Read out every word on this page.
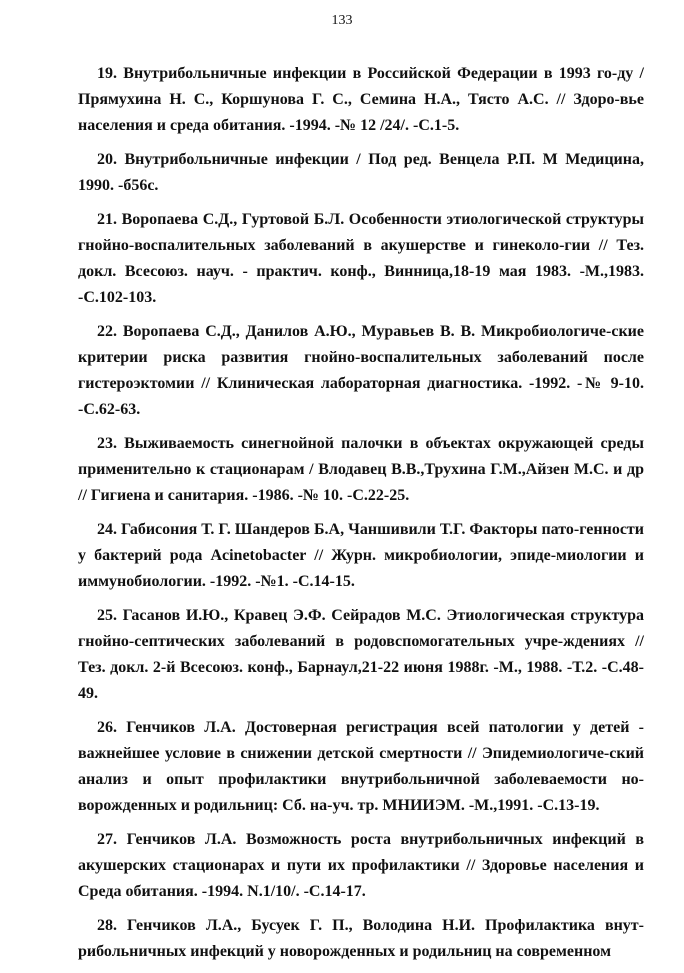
133

19. Внутрибольничные инфекции в Российской Федерации в 1993 го-ду / Прямухина Н. С., Коршунова Г. С., Семина Н.А., Тясто А.С. // Здоро-вье населения и среда обитания. -1994. -№ 12 /24/. -С.1-5.

20. Внутрибольничные инфекции / Под ред. Венцела Р.П. М Медицина, 1990. -б56с.

21. Воропаева С.Д., Гуртовой Б.Л. Особенности этиологической структуры гнойно-воспалительных заболеваний в акушерстве и гинеколо-гии // Тез. докл. Всесоюз. науч. - практич. конф., Винница,18-19 мая 1983. -М.,1983. -С.102-103.

22. Воропаева С.Д., Данилов А.Ю., Муравьев В. В. Микробиологиче-ские критерии риска развития гнойно-воспалительных заболеваний после гистероэктомии // Клиническая лабораторная диагностика. -1992. -№ 9-10. -С.62-63.

23. Выживаемость синегнойной палочки в объектах окружающей среды применительно к стационарам / Влодавец В.В.,Трухина Г.М.,Айзен М.С. и др // Гигиена и санитария. -1986. -№ 10. -С.22-25.

24. Габисония Т. Г. Шандеров Б.А, Чаншивили Т.Г. Факторы пато-генности у бактерий рода Acinetobacter // Журн. микробиологии, эпиде-миологии и иммунобиологии. -1992. -№1. -С.14-15.

25. Гасанов И.Ю., Кравец Э.Ф. Сейрадов М.С. Этиологическая структура гнойно-септических заболеваний в родовспомогательных учре-ждениях // Тез. докл. 2-й Всесоюз. конф., Барнаул,21-22 июня 1988г. -М., 1988. -Т.2. -С.48-49.

26. Генчиков Л.А. Достоверная регистрация всей патологии у детей - важнейшее условие в снижении детской смертности // Эпидемиологиче-ский анализ и опыт профилактики внутрибольничной заболеваемости но-ворожденных и родильниц: Сб. на-уч. тр. МНИИЭМ. -М.,1991. -С.13-19.

27. Генчиков Л.А. Возможность роста внутрибольничных инфекций в акушерских стационарах и пути их профилактики // Здоровье населения и Среда обитания. -1994. N.1/10/. -С.14-17.

28. Генчиков Л.А., Бусуек Г. П., Володина Н.И. Профилактика внут-рибольничных инфекций у новорожденных и родильниц на современном
